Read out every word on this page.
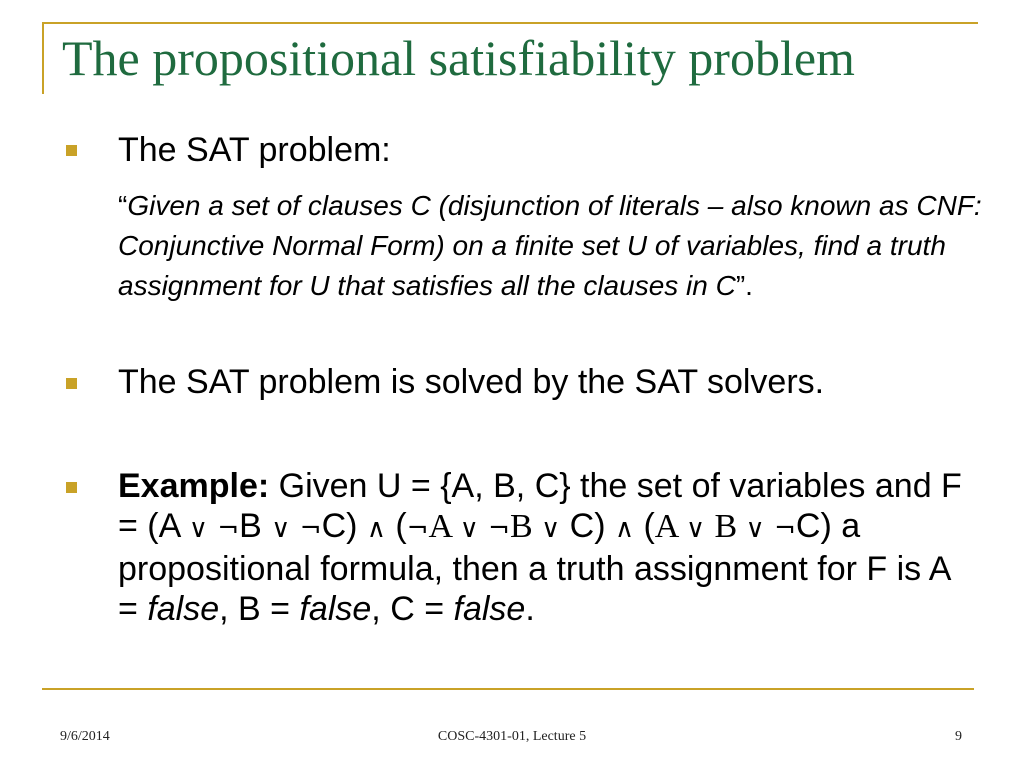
The propositional satisfiability problem

The SAT problem:

“Given a set of clauses C (disjunction of literals – also known as CNF: Conjunctive Normal Form) on a finite set U of variables, find a truth assignment for U that satisfies all the clauses in C”.

The SAT problem is solved by the SAT solvers.

Example: Given U = {A, B, C} the set of variables and F = (A ∨ ¬B ∨ ¬C) ∧ (¬A ∨ ¬B ∨ C) ∧ (A ∨ B ∨ ¬C) a propositional formula, then a truth assignment for F is A = false, B = false, C = false.

9/6/2014	COSC-4301-01, Lecture 5	9
